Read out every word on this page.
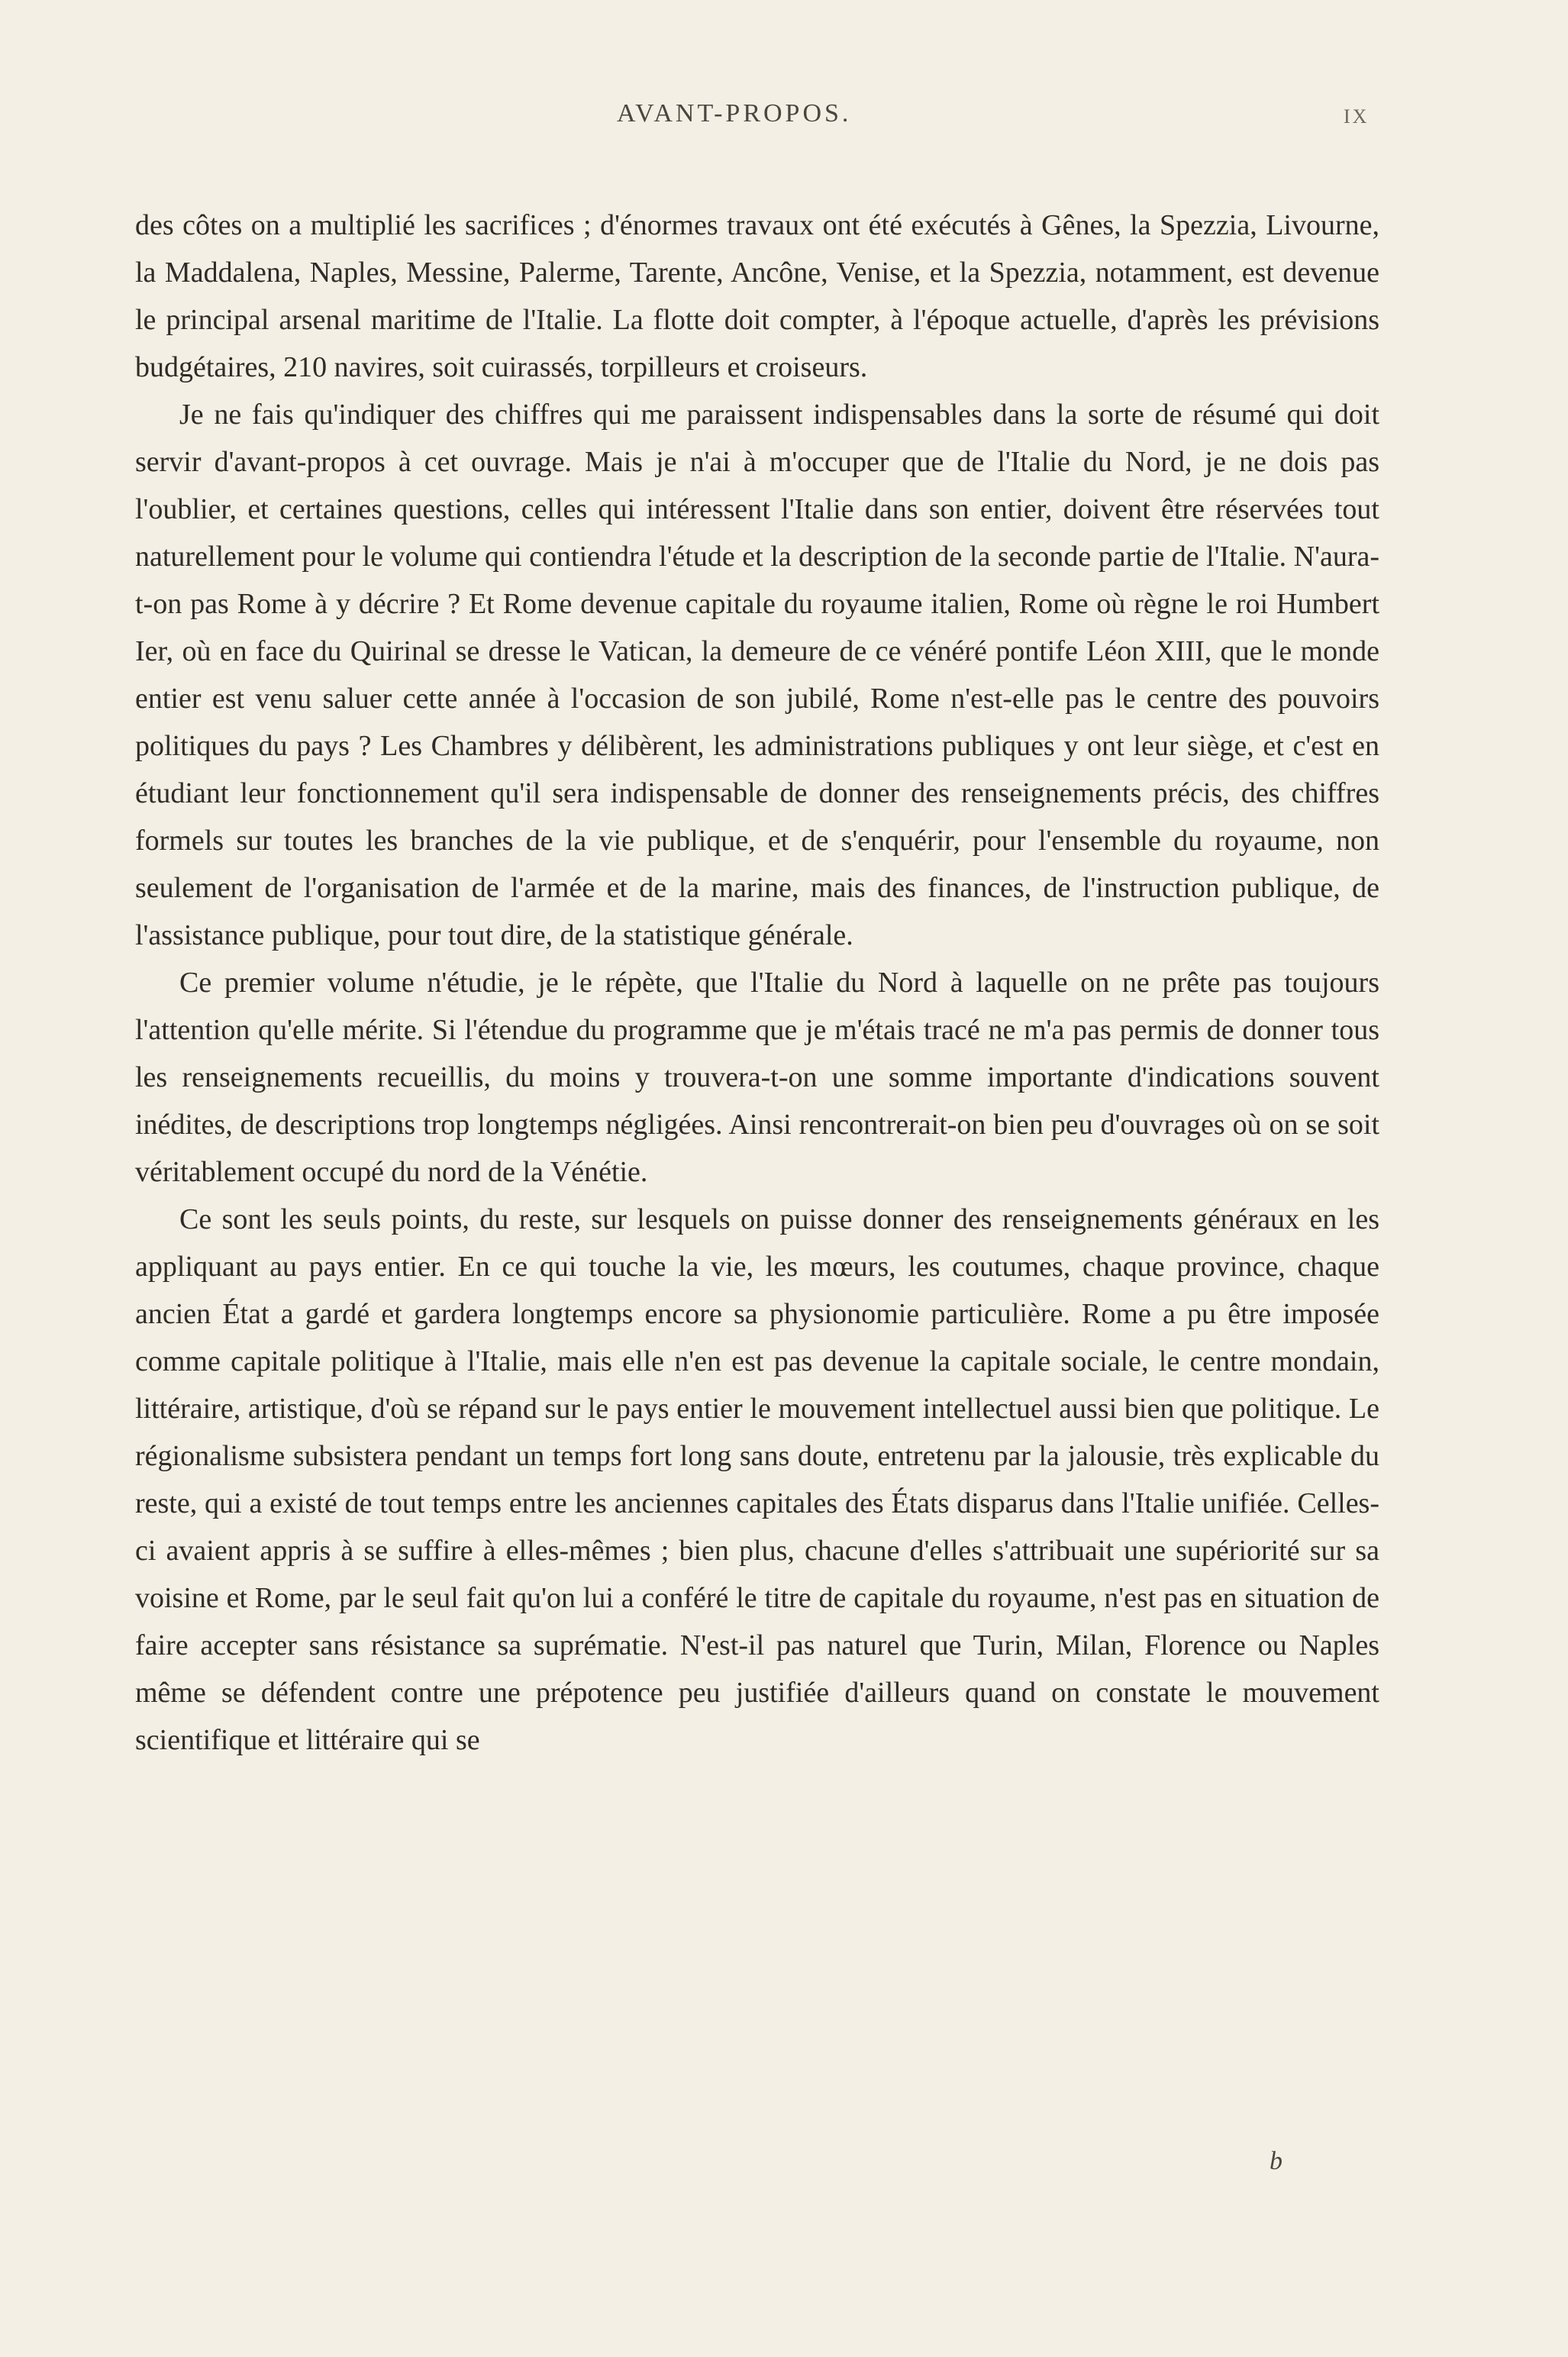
AVANT-PROPOS.	IX

des côtes on a multiplié les sacrifices ; d'énormes travaux ont été exécutés à Gênes, la Spezzia, Livourne, la Maddalena, Naples, Messine, Palerme, Tarente, Ancône, Venise, et la Spezzia, notamment, est devenue le principal arsenal maritime de l'Italie. La flotte doit compter, à l'époque actuelle, d'après les prévisions budgétaires, 210 navires, soit cuirassés, torpilleurs et croiseurs.

Je ne fais qu'indiquer des chiffres qui me paraissent indispensables dans la sorte de résumé qui doit servir d'avant-propos à cet ouvrage. Mais je n'ai à m'occuper que de l'Italie du Nord, je ne dois pas l'oublier, et certaines questions, celles qui intéressent l'Italie dans son entier, doivent être réservées tout naturellement pour le volume qui contiendra l'étude et la description de la seconde partie de l'Italie. N'aura-t-on pas Rome à y décrire ? Et Rome devenue capitale du royaume italien, Rome où règne le roi Humbert Ier, où en face du Quirinal se dresse le Vatican, la demeure de ce vénéré pontife Léon XIII, que le monde entier est venu saluer cette année à l'occasion de son jubilé, Rome n'est-elle pas le centre des pouvoirs politiques du pays ? Les Chambres y délibèrent, les administrations publiques y ont leur siège, et c'est en étudiant leur fonctionnement qu'il sera indispensable de donner des renseignements précis, des chiffres formels sur toutes les branches de la vie publique, et de s'enquérir, pour l'ensemble du royaume, non seulement de l'organisation de l'armée et de la marine, mais des finances, de l'instruction publique, de l'assistance publique, pour tout dire, de la statistique générale.

Ce premier volume n'étudie, je le répète, que l'Italie du Nord à laquelle on ne prête pas toujours l'attention qu'elle mérite. Si l'étendue du programme que je m'étais tracé ne m'a pas permis de donner tous les renseignements recueillis, du moins y trouvera-t-on une somme importante d'indications souvent inédites, de descriptions trop longtemps négligées. Ainsi rencontrerait-on bien peu d'ouvrages où on se soit véritablement occupé du nord de la Vénétie.

Ce sont les seuls points, du reste, sur lesquels on puisse donner des renseignements généraux en les appliquant au pays entier. En ce qui touche la vie, les mœurs, les coutumes, chaque province, chaque ancien État a gardé et gardera longtemps encore sa physionomie particulière. Rome a pu être imposée comme capitale politique à l'Italie, mais elle n'en est pas devenue la capitale sociale, le centre mondain, littéraire, artistique, d'où se répand sur le pays entier le mouvement intellectuel aussi bien que politique. Le régionalisme subsistera pendant un temps fort long sans doute, entretenu par la jalousie, très explicable du reste, qui a existé de tout temps entre les anciennes capitales des États disparus dans l'Italie unifiée. Celles-ci avaient appris à se suffire à elles-mêmes ; bien plus, chacune d'elles s'attribuait une supériorité sur sa voisine et Rome, par le seul fait qu'on lui a conféré le titre de capitale du royaume, n'est pas en situation de faire accepter sans résistance sa suprématie. N'est-il pas naturel que Turin, Milan, Florence ou Naples même se défendent contre une prépotence peu justifiée d'ailleurs quand on constate le mouvement scientifique et littéraire qui se

b
